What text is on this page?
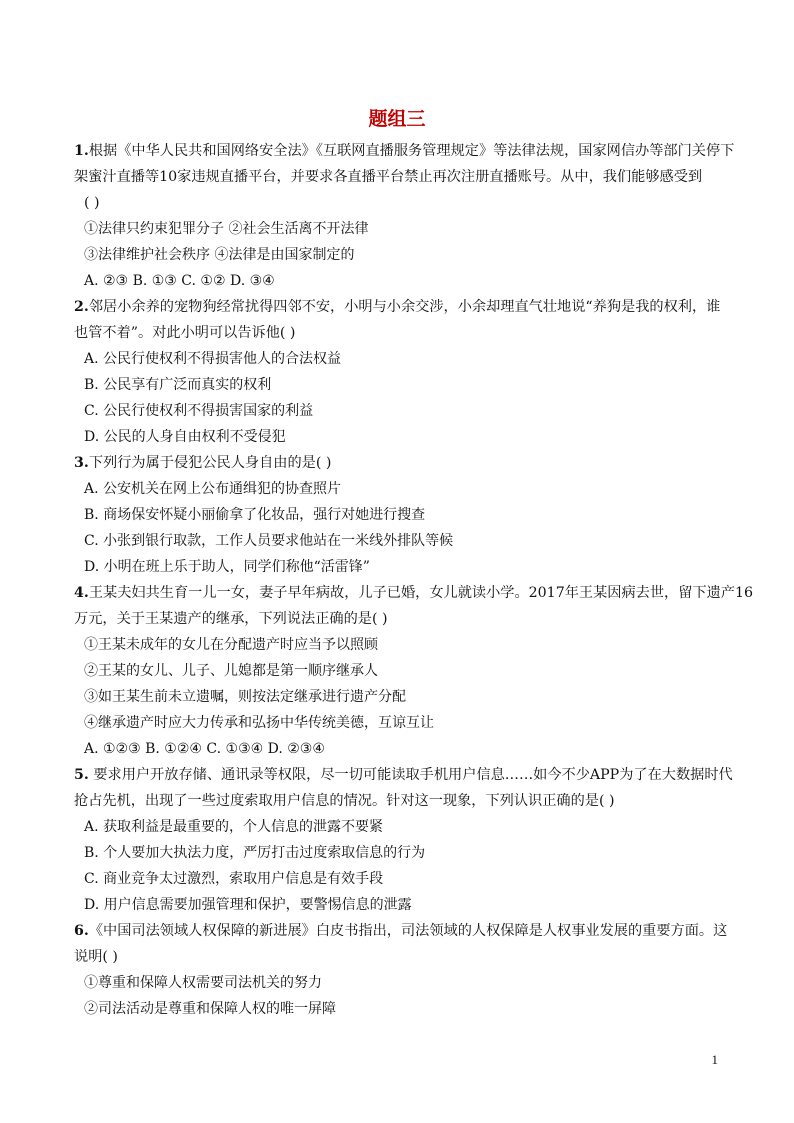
题组三
1.根据《中华人民共和国网络安全法》《互联网直播服务管理规定》等法律法规，国家网信办等部门关停下
架蜜汁直播等10家违规直播平台，并要求各直播平台禁止再次注册直播账号。从中，我们能够感受到
( )
①法律只约束犯罪分子 ②社会生活离不开法律
③法律维护社会秩序 ④法律是由国家制定的
A. ②③ B. ①③ C. ①② D. ③④
2.邻居小余养的宠物狗经常扰得四邻不安，小明与小余交涉，小余却理直气壮地说“养狗是我的权利，谁
也管不着”。对此小明可以告诉他( )
A. 公民行使权利不得损害他人的合法权益
B. 公民享有广泛而真实的权利
C. 公民行使权利不得损害国家的利益
D. 公民的人身自由权利不受侵犯
3.下列行为属于侵犯公民人身自由的是( )
A. 公安机关在网上公布通缉犯的协查照片
B. 商场保安怀疑小丽偷拿了化妆品，强行对她进行搜查
C. 小张到银行取款，工作人员要求他站在一米线外排队等候
D. 小明在班上乐于助人，同学们称他“活雷锋”
4.王某夫妇共生育一儿一女，妻子早年病故，儿子已婚，女儿就读小学。2017年王某因病去世，留下遗产16
万元，关于王某遗产的继承，下列说法正确的是( )
①王某未成年的女儿在分配遗产时应当予以照顾
②王某的女儿、儿子、儿媳都是第一顺序继承人
③如王某生前未立遗嘱，则按法定继承进行遗产分配
④继承遗产时应大力传承和弘扬中华传统美德，互谅互让
A. ①②③ B. ①②④ C. ①③④ D. ②③④
5. 要求用户开放存储、通讯录等权限，尽一切可能读取手机用户信息……如今不少APP为了在大数据时代
抢占先机，出现了一些过度索取用户信息的情况。针对这一现象，下列认识正确的是( )
A. 获取利益是最重要的，个人信息的泄露不要紧
B. 个人要加大执法力度，严厉打击过度索取信息的行为
C. 商业竞争太过激烈，索取用户信息是有效手段
D. 用户信息需要加强管理和保护，要警惕信息的泄露
6.《中国司法领域人权保障的新进展》白皮书指出，司法领域的人权保障是人权事业发展的重要方面。这
说明( )
①尊重和保障人权需要司法机关的努力
②司法活动是尊重和保障人权的唯一屏障
1
